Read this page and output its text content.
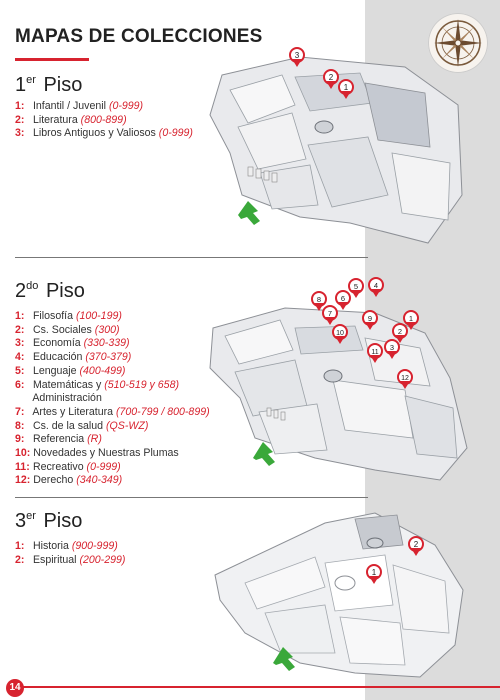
MAPAS DE COLECCIONES
1er Piso
1: Infantil / Juvenil (0-999)
2: Literatura (800-899)
3: Libros Antiguos y Valiosos (0-999)
3
2
1
$2^{do}$ Piso
1: Filosofía (100-199)
2: Cs. Sociales (300)
3: Economía (330-339)
4: Educación (370-379)
5: Lenguaje (400-499)
6: Matemáticas y (510-519 y 658)
Administración
7: Artes y Literatura (700-799 / 800-899)
8: Cs. de la salud (QS-WZ)
9: Referencia (R)
10: Novedades y Nuestras Plumas
11: Recreativo (0-999)
12: Derecho (340-349)
8	6
5 4
7
10
9	1
2
3
11
12
3er Piso
1: Historia (900-999)
2: Espiritual (200-299)
2
1
14
